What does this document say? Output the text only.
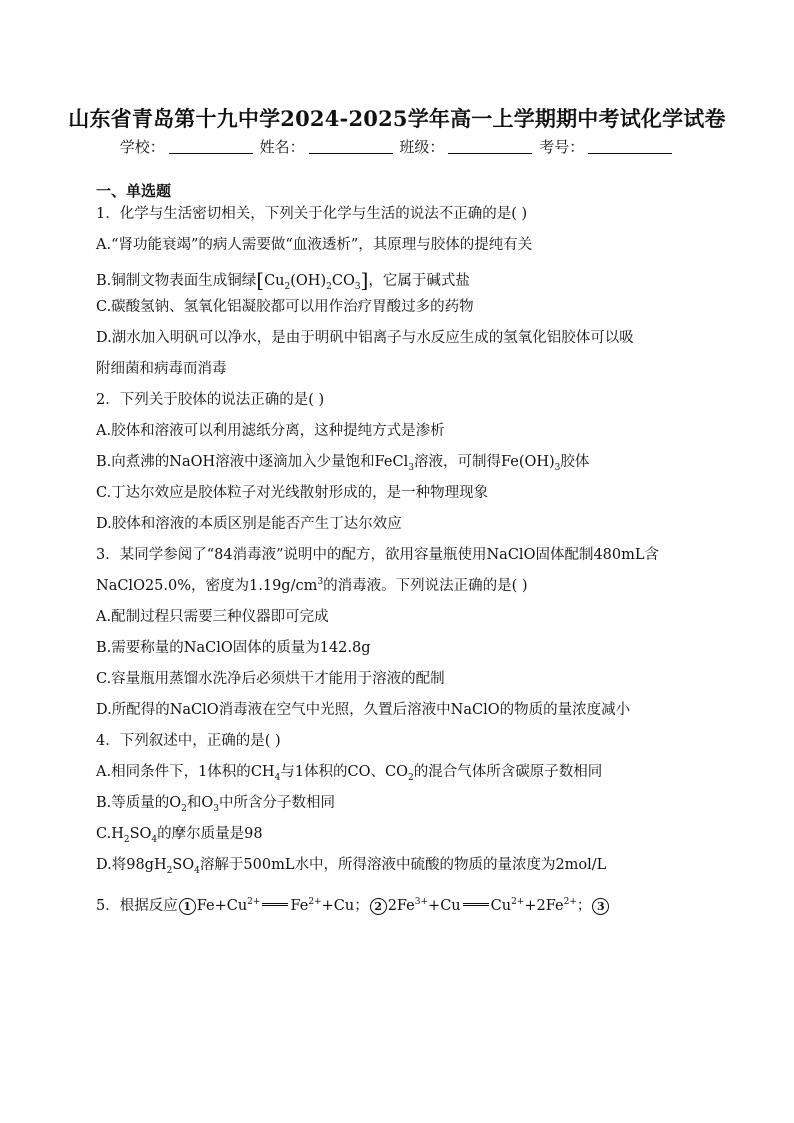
山东省青岛第十九中学2024-2025学年高一上学期期中考试化学试卷
学校：	姓名：	班级：	考号：
一、单选题
1．化学与生活密切相关，下列关于化学与生活的说法不正确的是( )
A.“肾功能衰竭”的病人需要做“血液透析”，其原理与胶体的提纯有关
B.铜制文物表面生成铜绿$[Cu_2(OH)_2CO_3]$，它属于碱式盐
C.碳酸氢钠、氢氧化铝凝胶都可以用作治疗胃酸过多的药物
D.湖水加入明矾可以净水，是由于明矾中铝离子与水反应生成的氢氧化铝胶体可以吸
附细菌和病毒而消毒
2．下列关于胶体的说法正确的是( )
A.胶体和溶液可以利用滤纸分离，这种提纯方式是渗析
B.向煮沸的NaOH溶液中逐滴加入少量饱和FeCl$_3$溶液，可制得$Fe(OH)_3$胶体
C.丁达尔效应是胶体粒子对光线散射形成的，是一种物理现象
D.胶体和溶液的本质区别是能否产生丁达尔效应
3．某同学参阅了“84消毒液”说明中的配方，欲用容量瓶使用NaClO固体配制480mL含
NaClO25.0%，密度为$1.19g/cm^3$的消毒液。下列说法正确的是( )
A.配制过程只需要三种仪器即可完成
B.需要称量的NaClO固体的质量为142.8g
C.容量瓶用蒸馏水洗净后必须烘干才能用于溶液的配制
D.所配得的NaClO消毒液在空气中光照，久置后溶液中NaClO的物质的量浓度减小
4．下列叙述中，正确的是( )
A.相同条件下，1体积的$CH_4$与1体积的CO、$CO_2$的混合气体所含碳原子数相同
B.等质量的$O_2$和$O_3$中所含分子数相同
$C.H_2SO_4$的摩尔质量是98
D.将$98gH_2SO_4$溶解于500mL水中，所得溶液中硫酸的物质的量浓度为2mol/L
5．根据反应 1 $Fe+Cu^{2+}$ $Fe^{2+}+Cu$； 2 $2Fe^{3+}+Cu$ $Cu^{2+}+2Fe^{2+}$； 3
